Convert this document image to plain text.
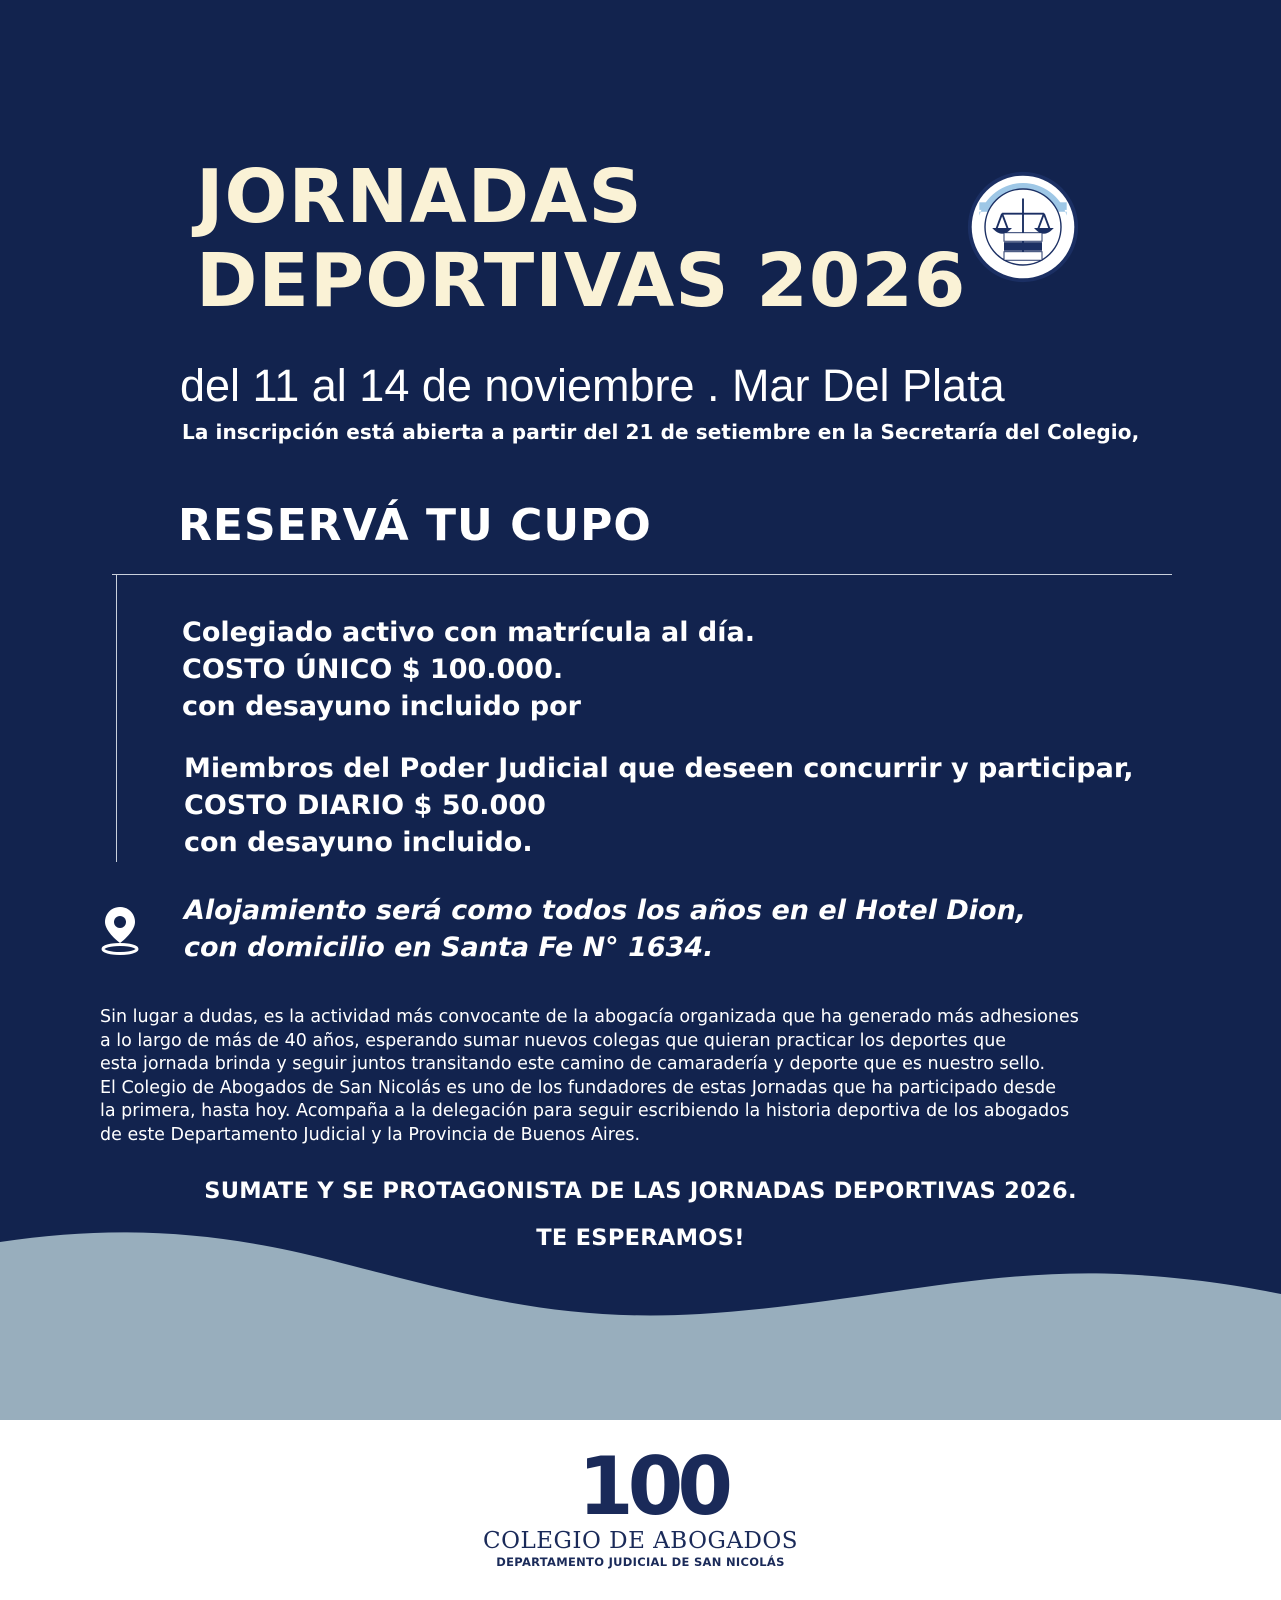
JORNADAS
DEPORTIVAS 2026
del 11 al 14 de noviembre . Mar Del Plata
La inscripción está abierta a partir del 21 de setiembre en la Secretaría del Colegio,
RESERVÁ TU CUPO
Colegiado activo con matrícula al día.
COSTO ÚNICO $ 100.000.
con desayuno incluido por
Miembros del Poder Judicial que deseen concurrir y participar,
COSTO DIARIO $ 50.000
con desayuno incluido.
Alojamiento será como todos los años en el Hotel Dion,
con domicilio en Santa Fe N° 1634.
Sin lugar a dudas, es la actividad más convocante de la abogacía organizada que ha generado más adhesiones
a lo largo de más de 40 años, esperando sumar nuevos colegas que quieran practicar los deportes que
esta jornada brinda y seguir juntos transitando este camino de camaradería y deporte que es nuestro sello.
El Colegio de Abogados de San Nicolás es uno de los fundadores de estas Jornadas que ha participado desde
la primera, hasta hoy. Acompaña a la delegación para seguir escribiendo la historia deportiva de los abogados
de este Departamento Judicial y la Provincia de Buenos Aires.
SUMATE Y SE PROTAGONISTA DE LAS JORNADAS DEPORTIVAS 2026.
TE ESPERAMOS!
100
COLEGIO DE ABOGADOS
DEPARTAMENTO JUDICIAL DE SAN NICOLÁS
